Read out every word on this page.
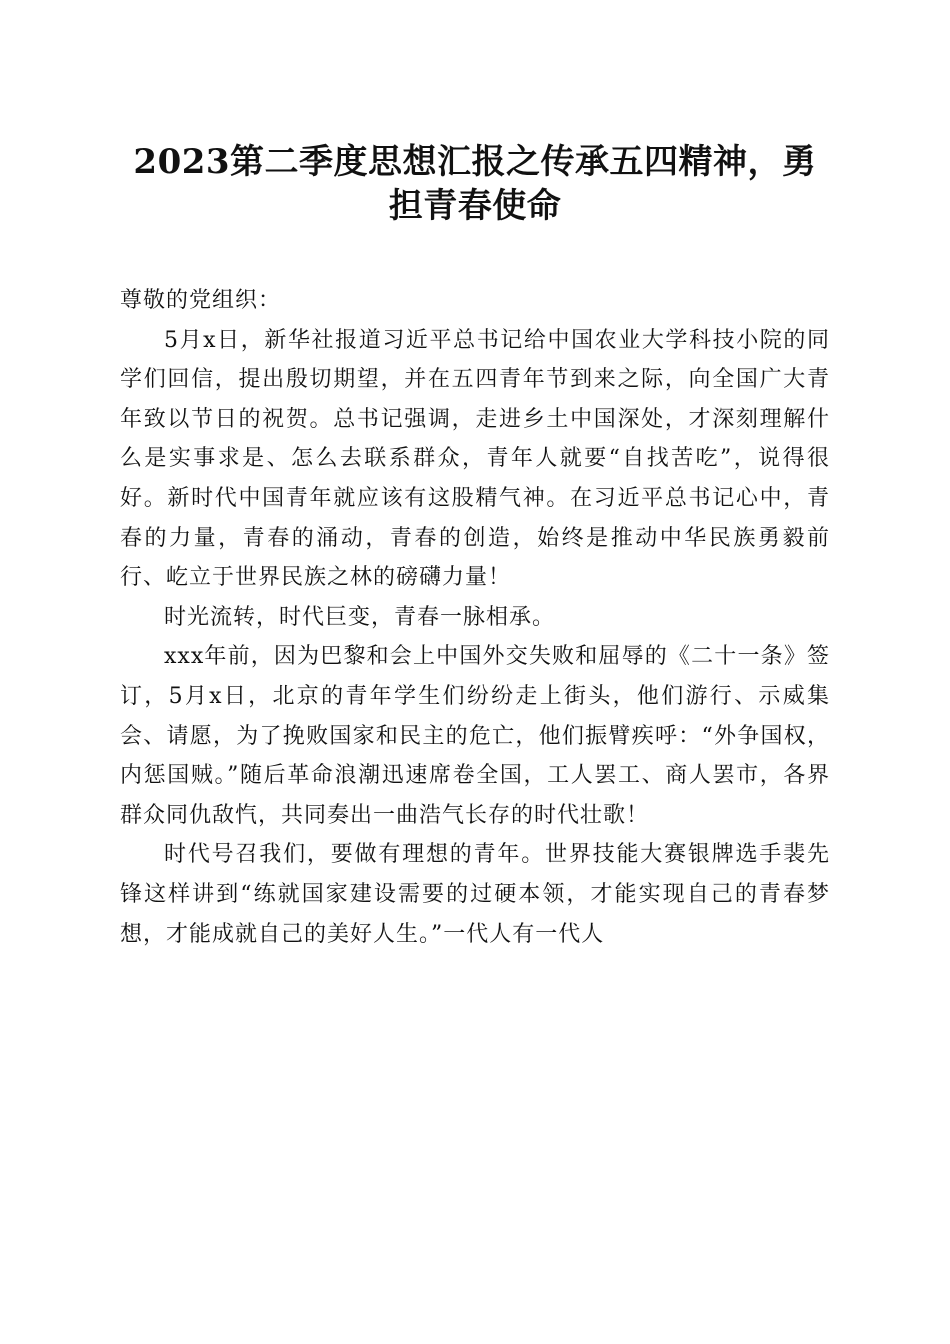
2023第二季度思想汇报之传承五四精神，勇担青春使命

尊敬的党组织：

5月x日，新华社报道习近平总书记给中国农业大学科技小院的同学们回信，提出殷切期望，并在五四青年节到来之际，向全国广大青年致以节日的祝贺。总书记强调，走进乡土中国深处，才深刻理解什么是实事求是、怎么去联系群众，青年人就要“自找苦吃”，说得很好。新时代中国青年就应该有这股精气神。在习近平总书记心中，青春的力量，青春的涌动，青春的创造，始终是推动中华民族勇毅前行、屹立于世界民族之林的磅礴力量！

时光流转，时代巨变，青春一脉相承。

xxx年前，因为巴黎和会上中国外交失败和屈辱的《二十一条》签订，5月x日，北京的青年学生们纷纷走上街头，他们游行、示威集会、请愿，为了挽败国家和民主的危亡，他们振臂疾呼：“外争国权，内惩国贼。”随后革命浪潮迅速席卷全国，工人罢工、商人罢市，各界群众同仇敌忾，共同奏出一曲浩气长存的时代壮歌！

时代号召我们，要做有理想的青年。世界技能大赛银牌选手裴先锋这样讲到“练就国家建设需要的过硬本领，才能实现自己的青春梦想，才能成就自己的美好人生。”一代人有一代人
